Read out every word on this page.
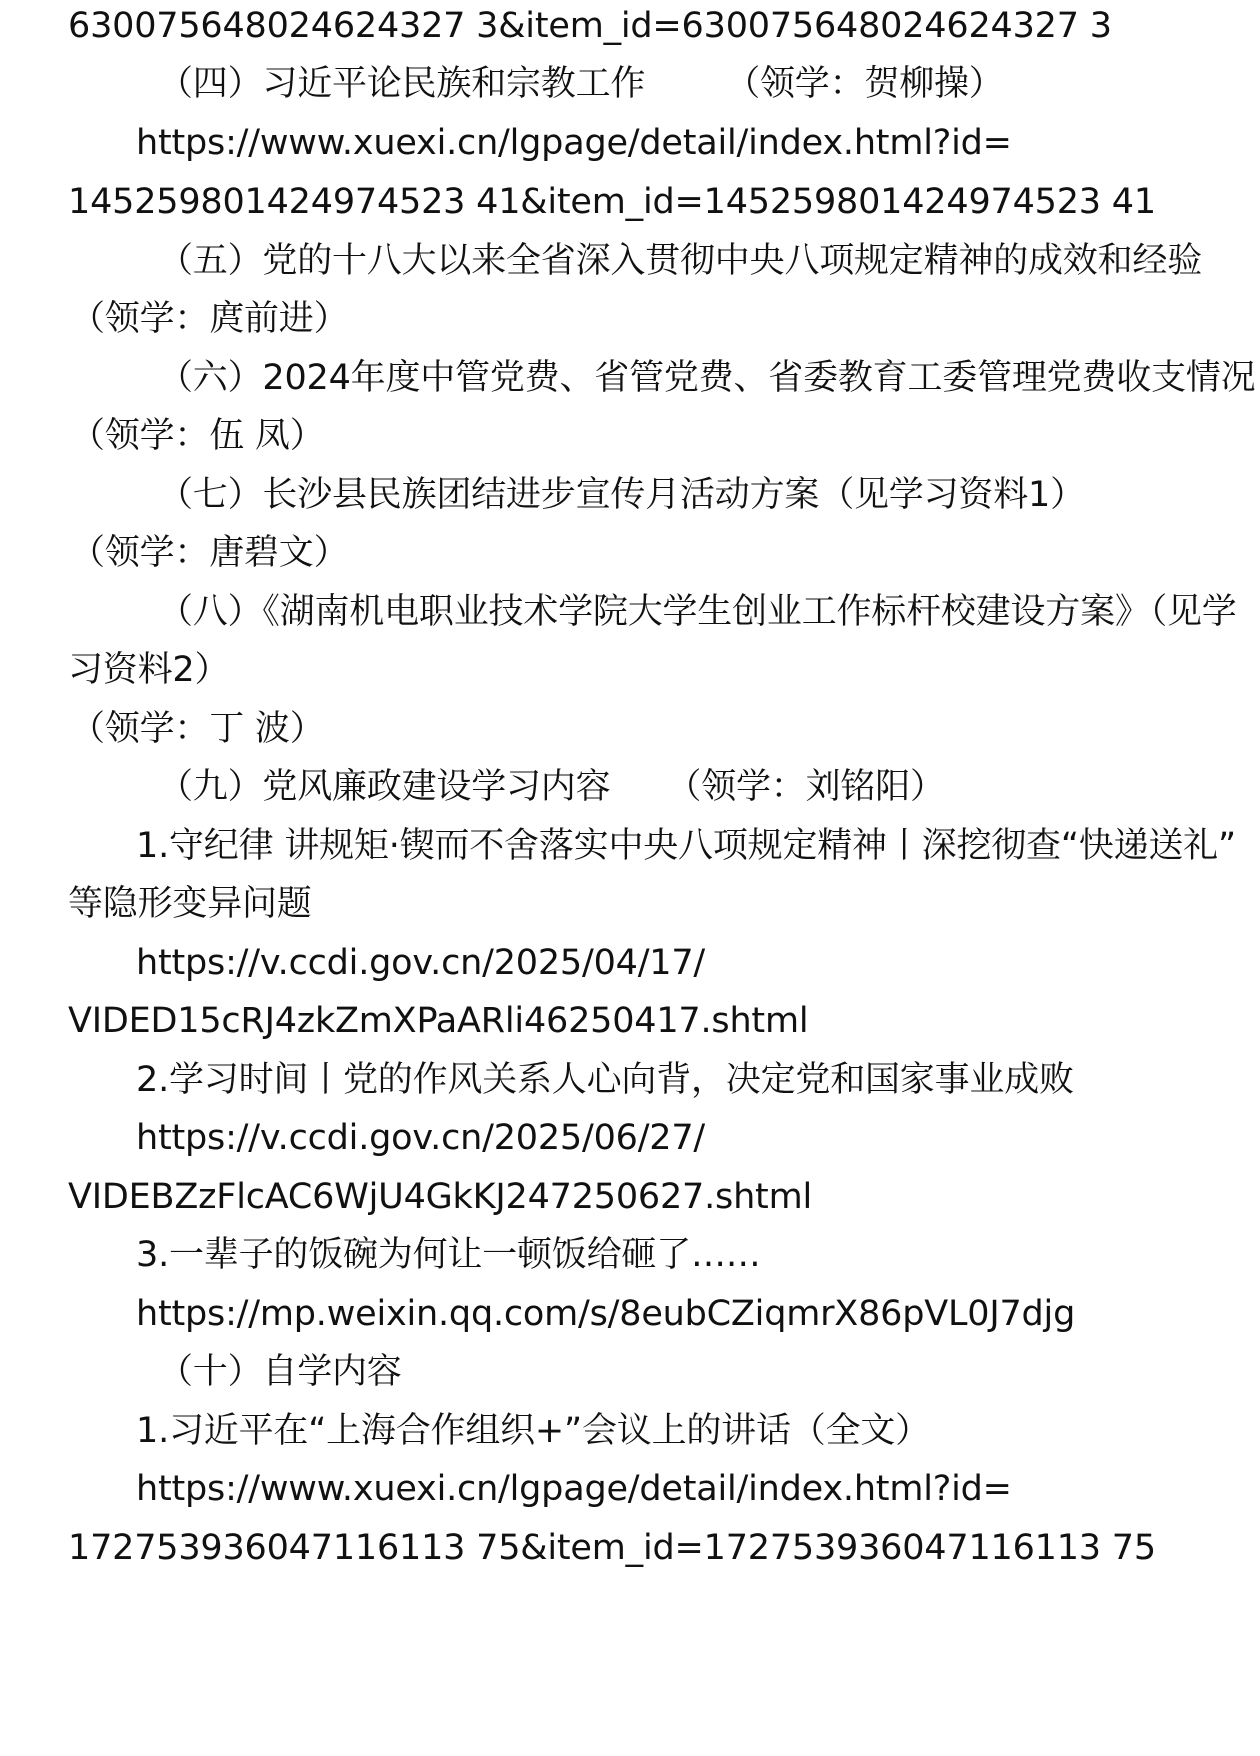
630075648024624327 3&item_id=630075648024624327 3
（四）习近平论民族和宗教工作 （领学：贺柳操）
https://www.xuexi.cn/lgpage/detail/index.html?id=
145259801424974523 41&item_id=145259801424974523 41
（五）党的十八大以来全省深入贯彻中央八项规定精神的成效和经验
（领学：庹前进）
（六）2024年度中管党费、省管党费、省委教育工委管理党费收支情况
（领学：伍 凤）
（七）长沙县民族团结进步宣传月活动方案（见学习资料1）
（领学：唐碧文）
（八）《湖南机电职业技术学院大学生创业工作标杆校建设方案》（见学
习资料2）
（领学：丁 波）
（九）党风廉政建设学习内容 （领学：刘铭阳）
1.守纪律 讲规矩·锲而不舍落实中央八项规定精神丨深挖彻查“快递送礼”
等隐形变异问题
https://v.ccdi.gov.cn/2025/04/17/
VIDED15cRJ4zkZmXPaARli46250417.shtml
2.学习时间丨党的作风关系人心向背，决定党和国家事业成败
https://v.ccdi.gov.cn/2025/06/27/
VIDEBZzFlcAC6WjU4GkKJ247250627.shtml
3.一辈子的饭碗为何让一顿饭给砸了……
https://mp.weixin.qq.com/s/8eubCZiqmrX86pVL0J7djg
（十）自学内容
1.习近平在“上海合作组织+”会议上的讲话（全文）
https://www.xuexi.cn/lgpage/detail/index.html?id=
172753936047116113 75&item_id=172753936047116113 75
